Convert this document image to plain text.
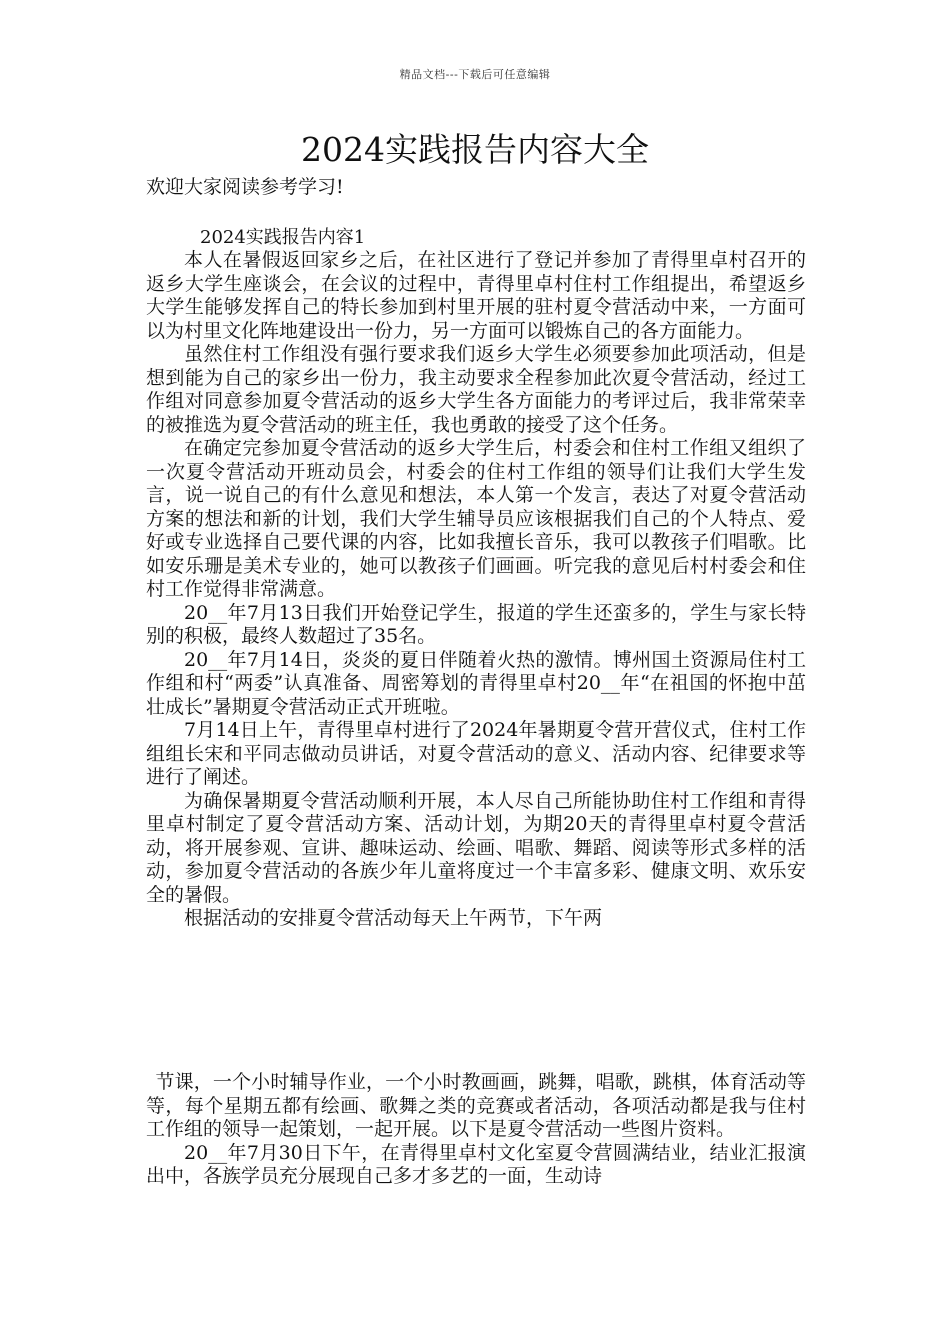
精品文档---下载后可任意编辑
2024实践报告内容大全

欢迎大家阅读参考学习!

2024实践报告内容1

本人在暑假返回家乡之后，在社区进行了登记并参加了青得里卓村召开的返乡大学生座谈会，在会议的过程中，青得里卓村住村工作组提出，希望返乡大学生能够发挥自己的特长参加到村里开展的驻村夏令营活动中来，一方面可以为村里文化阵地建设出一份力，另一方面可以锻炼自己的各方面能力。

虽然住村工作组没有强行要求我们返乡大学生必须要参加此项活动，但是想到能为自己的家乡出一份力，我主动要求全程参加此次夏令营活动，经过工作组对同意参加夏令营活动的返乡大学生各方面能力的考评过后，我非常荣幸的被推选为夏令营活动的班主任，我也勇敢的接受了这个任务。

在确定完参加夏令营活动的返乡大学生后，村委会和住村工作组又组织了一次夏令营活动开班动员会，村委会的住村工作组的领导们让我们大学生发言，说一说自己的有什么意见和想法，本人第一个发言，表达了对夏令营活动方案的想法和新的计划，我们大学生辅导员应该根据我们自己的个人特点、爱好或专业选择自己要代课的内容，比如我擅长音乐，我可以教孩子们唱歌。比如安乐珊是美术专业的，她可以教孩子们画画。听完我的意见后村村委会和住村工作觉得非常满意。

20__年7月13日我们开始登记学生，报道的学生还蛮多的，学生与家长特别的积极，最终人数超过了35名。

20__年7月14日，炎炎的夏日伴随着火热的激情。博州国土资源局住村工作组和村“两委”认真准备、周密筹划的青得里卓村20__年“在祖国的怀抱中茁壮成长”暑期夏令营活动正式开班啦。

7月14日上午，青得里卓村进行了2024年暑期夏令营开营仪式，住村工作组组长宋和平同志做动员讲话，对夏令营活动的意义、活动内容、纪律要求等进行了阐述。

为确保暑期夏令营活动顺利开展，本人尽自己所能协助住村工作组和青得里卓村制定了夏令营活动方案、活动计划，为期20天的青得里卓村夏令营活动，将开展参观、宣讲、趣味运动、绘画、唱歌、舞蹈、阅读等形式多样的活动，参加夏令营活动的各族少年儿童将度过一个丰富多彩、健康文明、欢乐安全的暑假。

根据活动的安排夏令营活动每天上午两节，下午两

节课，一个小时辅导作业，一个小时教画画，跳舞，唱歌，跳棋，体育活动等等，每个星期五都有绘画、歌舞之类的竞赛或者活动，各项活动都是我与住村工作组的领导一起策划，一起开展。以下是夏令营活动一些图片资料。

20__年7月30日下午，在青得里卓村文化室夏令营圆满结业，结业汇报演出中，各族学员充分展现自己多才多艺的一面，生动诗
